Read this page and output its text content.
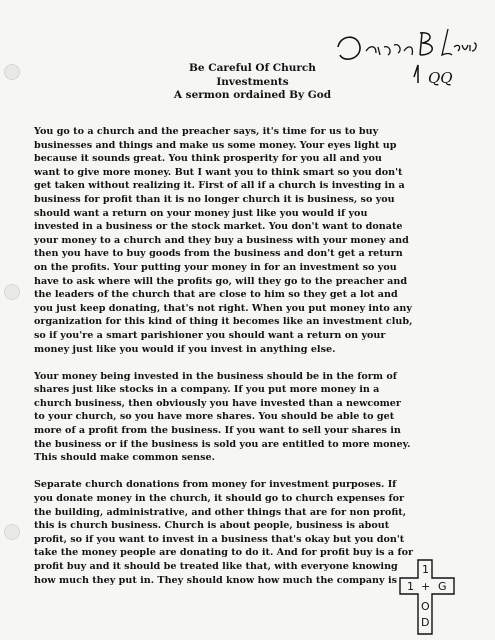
QQ
Be Careful Of Church
Investments
A sermon ordained By God
You go to a church and the preacher says, it's time for us to buy
businesses and things and make us some money. Your eyes light up
because it sounds great. You think prosperity for you all and you
want to give more money. But I want you to think smart so you don't
get taken without realizing it. First of all if a church is investing in a
business for profit than it is no longer church it is business, so you
should want a return on your money just like you would if you
invested in a business or the stock market. You don't want to donate
your money to a church and they buy a business with your money and
then you have to buy goods from the business and don't get a return
on the profits. Your putting your money in for an investment so you
have to ask where will the profits go, will they go to the preacher and
the leaders of the church that are close to him so they get a lot and
you just keep donating, that's not right. When you put money into any
organization for this kind of thing it becomes like an investment club,
so if you're a smart parishioner you should want a return on your
money just like you would if you invest in anything else.
Your money being invested in the business should be in the form of
shares just like stocks in a company. If you put more money in a
church business, then obviously you have invested than a newcomer
to your church, so you have more shares. You should be able to get
more of a profit from the business. If you want to sell your shares in
the business or if the business is sold you are entitled to more money.
This should make common sense.
Separate church donations from money for investment purposes. If
you donate money in the church, it should go to church expenses for
the building, administrative, and other things that are for non profit,
this is church business. Church is about people, business is about
profit, so if you want to invest in a business that's okay but you don't
take the money people are donating to do it. And for profit buy is a for
profit buy and it should be treated like that, with everyone knowing
how much they put in. They should know how much the company is
1
1 + G
O
D
